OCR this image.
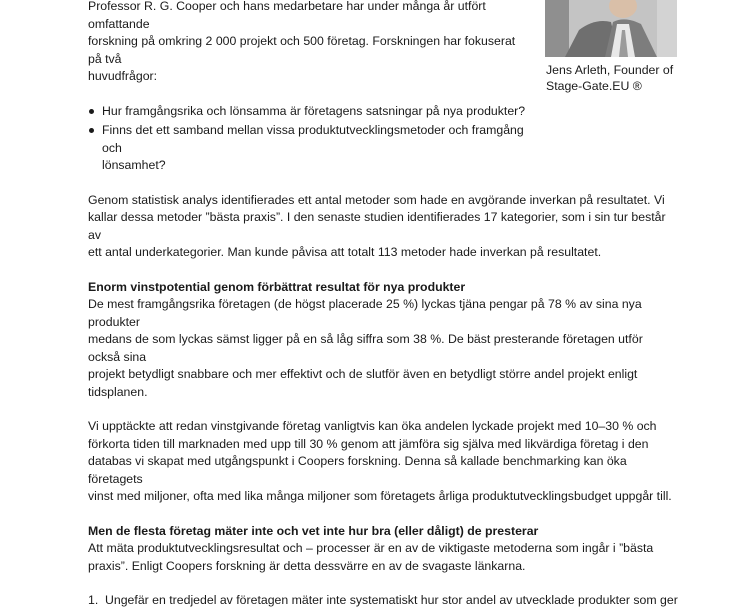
Jens Arleth, Founder of
Stage-Gate.EU ®

Professor R. G. Cooper och hans medarbetare har under många år utfört omfattande
forskning på omkring 2 000 projekt och 500 företag. Forskningen har fokuserat på två
huvudfrågor:

Hur framgångsrika och lönsamma är företagens satsningar på nya produkter?
Finns det ett samband mellan vissa produktutvecklingsmetoder och framgång och
lönsamhet?

Genom statistisk analys identifierades ett antal metoder som hade en avgörande inverkan på resultatet. Vi
kallar dessa metoder ”bästa praxis”. I den senaste studien identifierades 17 kategorier, som i sin tur består av
ett antal underkategorier. Man kunde påvisa att totalt 113 metoder hade inverkan på resultatet.

Enorm vinstpotential genom förbättrat resultat för nya produkter
De mest framgångsrika företagen (de högst placerade 25 %) lyckas tjäna pengar på 78 % av sina nya produkter
medans de som lyckas sämst ligger på en så låg siffra som 38 %. De bäst presterande företagen utför också sina
projekt betydligt snabbare och mer effektivt och de slutför även en betydligt större andel projekt enligt
tidsplanen.

Vi upptäckte att redan vinstgivande företag vanligtvis kan öka andelen lyckade projekt med 10–30 % och
förkorta tiden till marknaden med upp till 30 % genom att jämföra sig själva med likvärdiga företag i den
databas vi skapat med utgångspunkt i Coopers forskning. Denna så kallade benchmarking kan öka företagets
vinst med miljoner, ofta med lika många miljoner som företagets årliga produktutvecklingsbudget uppgår till.

Men de flesta företag mäter inte och vet inte hur bra (eller dåligt) de presterar
Att mäta produktutvecklingsresultat och – processer är en av de viktigaste metoderna som ingår i ”bästa
praxis”. Enligt Coopers forskning är detta dessvärre en av de svagaste länkarna.

1. Ungefär en tredjedel av företagen mäter inte systematiskt hur stor andel av utvecklade produkter som ger
